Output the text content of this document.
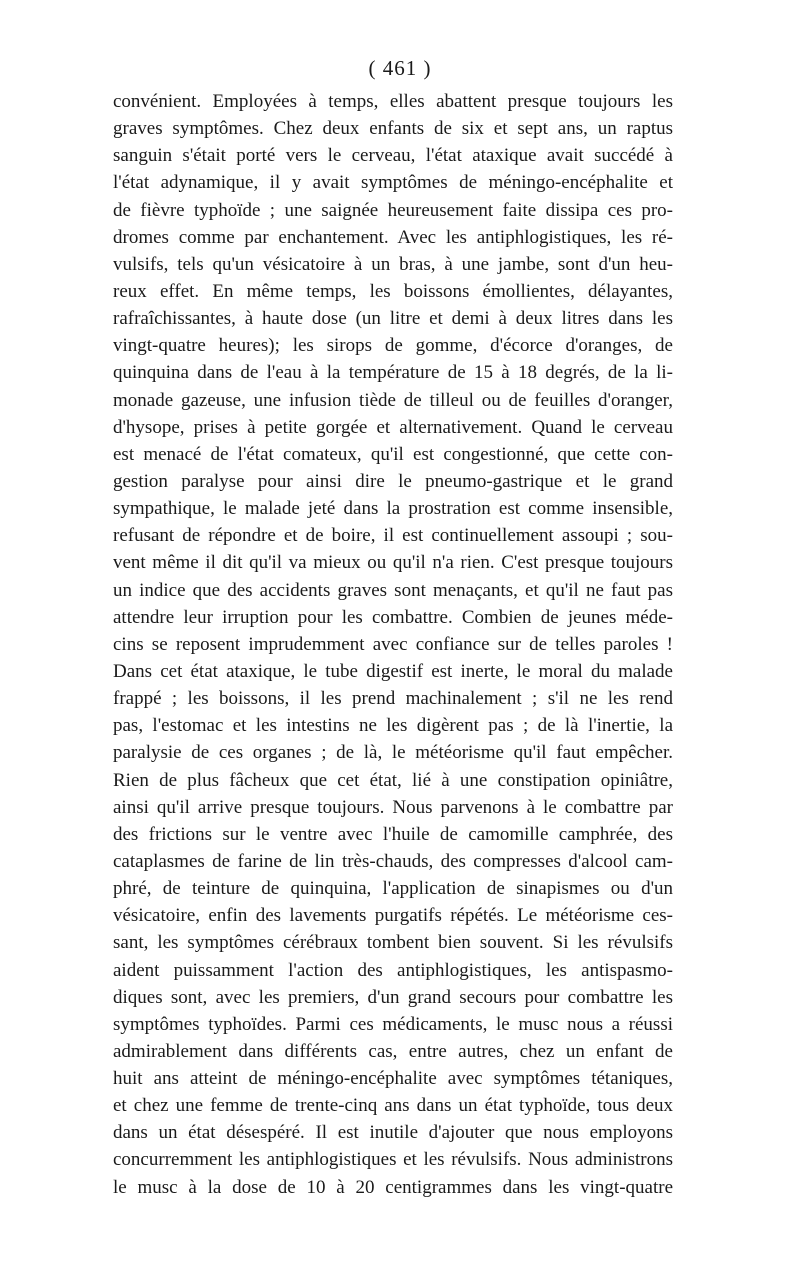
( 461 )
convénient. Employées à temps, elles abattent presque toujours les
graves symptômes. Chez deux enfants de six et sept ans, un raptus
sanguin s'était porté vers le cerveau, l'état ataxique avait succédé à
l'état adynamique, il y avait symptômes de méningo-encéphalite et
de fièvre typhoïde ; une saignée heureusement faite dissipa ces pro-
dromes comme par enchantement. Avec les antiphlogistiques, les ré-
vulsifs, tels qu'un vésicatoire à un bras, à une jambe, sont d'un heu-
reux effet. En même temps, les boissons émollientes, délayantes,
rafraîchissantes, à haute dose (un litre et demi à deux litres dans les
vingt-quatre heures); les sirops de gomme, d'écorce d'oranges, de
quinquina dans de l'eau à la température de 15 à 18 degrés, de la li-
monade gazeuse, une infusion tiède de tilleul ou de feuilles d'oranger,
d'hysope, prises à petite gorgée et alternativement. Quand le cerveau
est menacé de l'état comateux, qu'il est congestionné, que cette con-
gestion paralyse pour ainsi dire le pneumo-gastrique et le grand
sympathique, le malade jeté dans la prostration est comme insensible,
refusant de répondre et de boire, il est continuellement assoupi ; sou-
vent même il dit qu'il va mieux ou qu'il n'a rien. C'est presque toujours
un indice que des accidents graves sont menaçants, et qu'il ne faut pas
attendre leur irruption pour les combattre. Combien de jeunes méde-
cins se reposent imprudemment avec confiance sur de telles paroles !
Dans cet état ataxique, le tube digestif est inerte, le moral du malade
frappé ; les boissons, il les prend machinalement ; s'il ne les rend
pas, l'estomac et les intestins ne les digèrent pas ; de là l'inertie, la
paralysie de ces organes ; de là, le météorisme qu'il faut empêcher.
Rien de plus fâcheux que cet état, lié à une constipation opiniâtre,
ainsi qu'il arrive presque toujours. Nous parvenons à le combattre par
des frictions sur le ventre avec l'huile de camomille camphrée, des
cataplasmes de farine de lin très-chauds, des compresses d'alcool cam-
phré, de teinture de quinquina, l'application de sinapismes ou d'un
vésicatoire, enfin des lavements purgatifs répétés. Le météorisme ces-
sant, les symptômes cérébraux tombent bien souvent. Si les révulsifs
aident puissamment l'action des antiphlogistiques, les antispasmo-
diques sont, avec les premiers, d'un grand secours pour combattre les
symptômes typhoïdes. Parmi ces médicaments, le musc nous a réussi
admirablement dans différents cas, entre autres, chez un enfant de
huit ans atteint de méningo-encéphalite avec symptômes tétaniques,
et chez une femme de trente-cinq ans dans un état typhoïde, tous deux
dans un état désespéré. Il est inutile d'ajouter que nous employons
concurremment les antiphlogistiques et les révulsifs. Nous administrons
le musc à la dose de 10 à 20 centigrammes dans les vingt-quatre
